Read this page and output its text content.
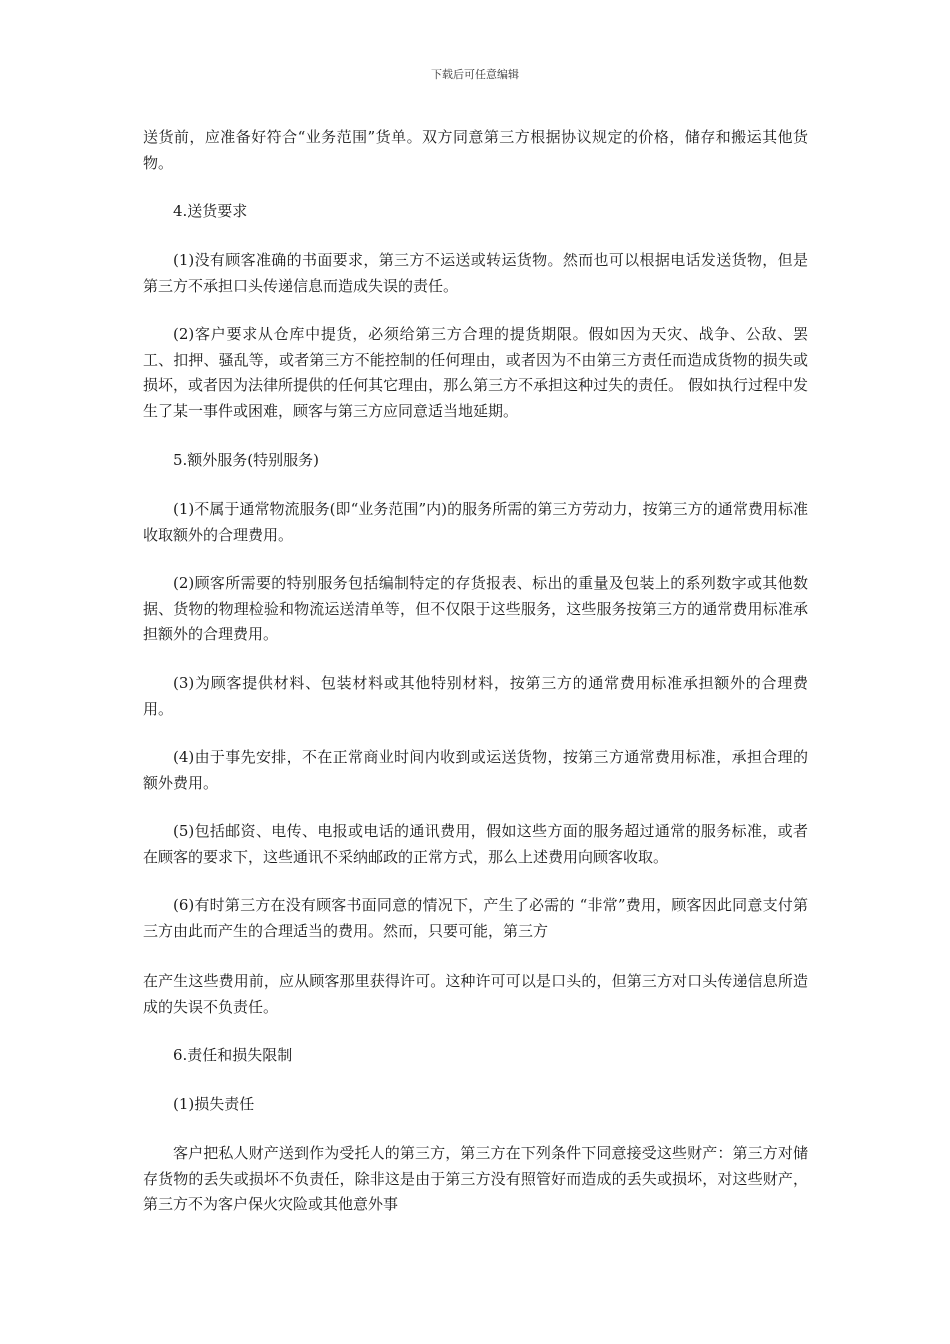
下载后可任意编辑

送货前，应准备好符合“业务范围”货单。双方同意第三方根据协议规定的价格，储存和搬运其他货物。

4.送货要求

(1)没有顾客准确的书面要求，第三方不运送或转运货物。然而也可以根据电话发送货物，但是第三方不承担口头传递信息而造成失误的责任。

(2)客户要求从仓库中提货，必须给第三方合理的提货期限。假如因为天灾、战争、公敌、罢工、扣押、骚乱等，或者第三方不能控制的任何理由，或者因为不由第三方责任而造成货物的损失或损坏，或者因为法律所提供的任何其它理由，那么第三方不承担这种过失的责任。 假如执行过程中发生了某一事件或困难，顾客与第三方应同意适当地延期。

5.额外服务(特别服务)

(1)不属于通常物流服务(即“业务范围”内)的服务所需的第三方劳动力，按第三方的通常费用标准收取额外的合理费用。

(2)顾客所需要的特别服务包括编制特定的存货报表、标出的重量及包装上的系列数字或其他数据、货物的物理检验和物流运送清单等，但不仅限于这些服务，这些服务按第三方的通常费用标准承担额外的合理费用。

(3)为顾客提供材料、包装材料或其他特别材料，按第三方的通常费用标准承担额外的合理费用。

(4)由于事先安排，不在正常商业时间内收到或运送货物，按第三方通常费用标准，承担合理的额外费用。

(5)包括邮资、电传、电报或电话的通讯费用，假如这些方面的服务超过通常的服务标准，或者在顾客的要求下，这些通讯不采纳邮政的正常方式，那么上述费用向顾客收取。

(6)有时第三方在没有顾客书面同意的情况下，产生了必需的 “非常”费用，顾客因此同意支付第三方由此而产生的合理适当的费用。然而，只要可能，第三方

在产生这些费用前，应从顾客那里获得许可。这种许可可以是口头的，但第三方对口头传递信息所造成的失误不负责任。

6.责任和损失限制

(1)损失责任

客户把私人财产送到作为受托人的第三方，第三方在下列条件下同意接受这些财产：第三方对储存货物的丢失或损坏不负责任，除非这是由于第三方没有照管好而造成的丢失或损坏，对这些财产，第三方不为客户保火灾险或其他意外事
